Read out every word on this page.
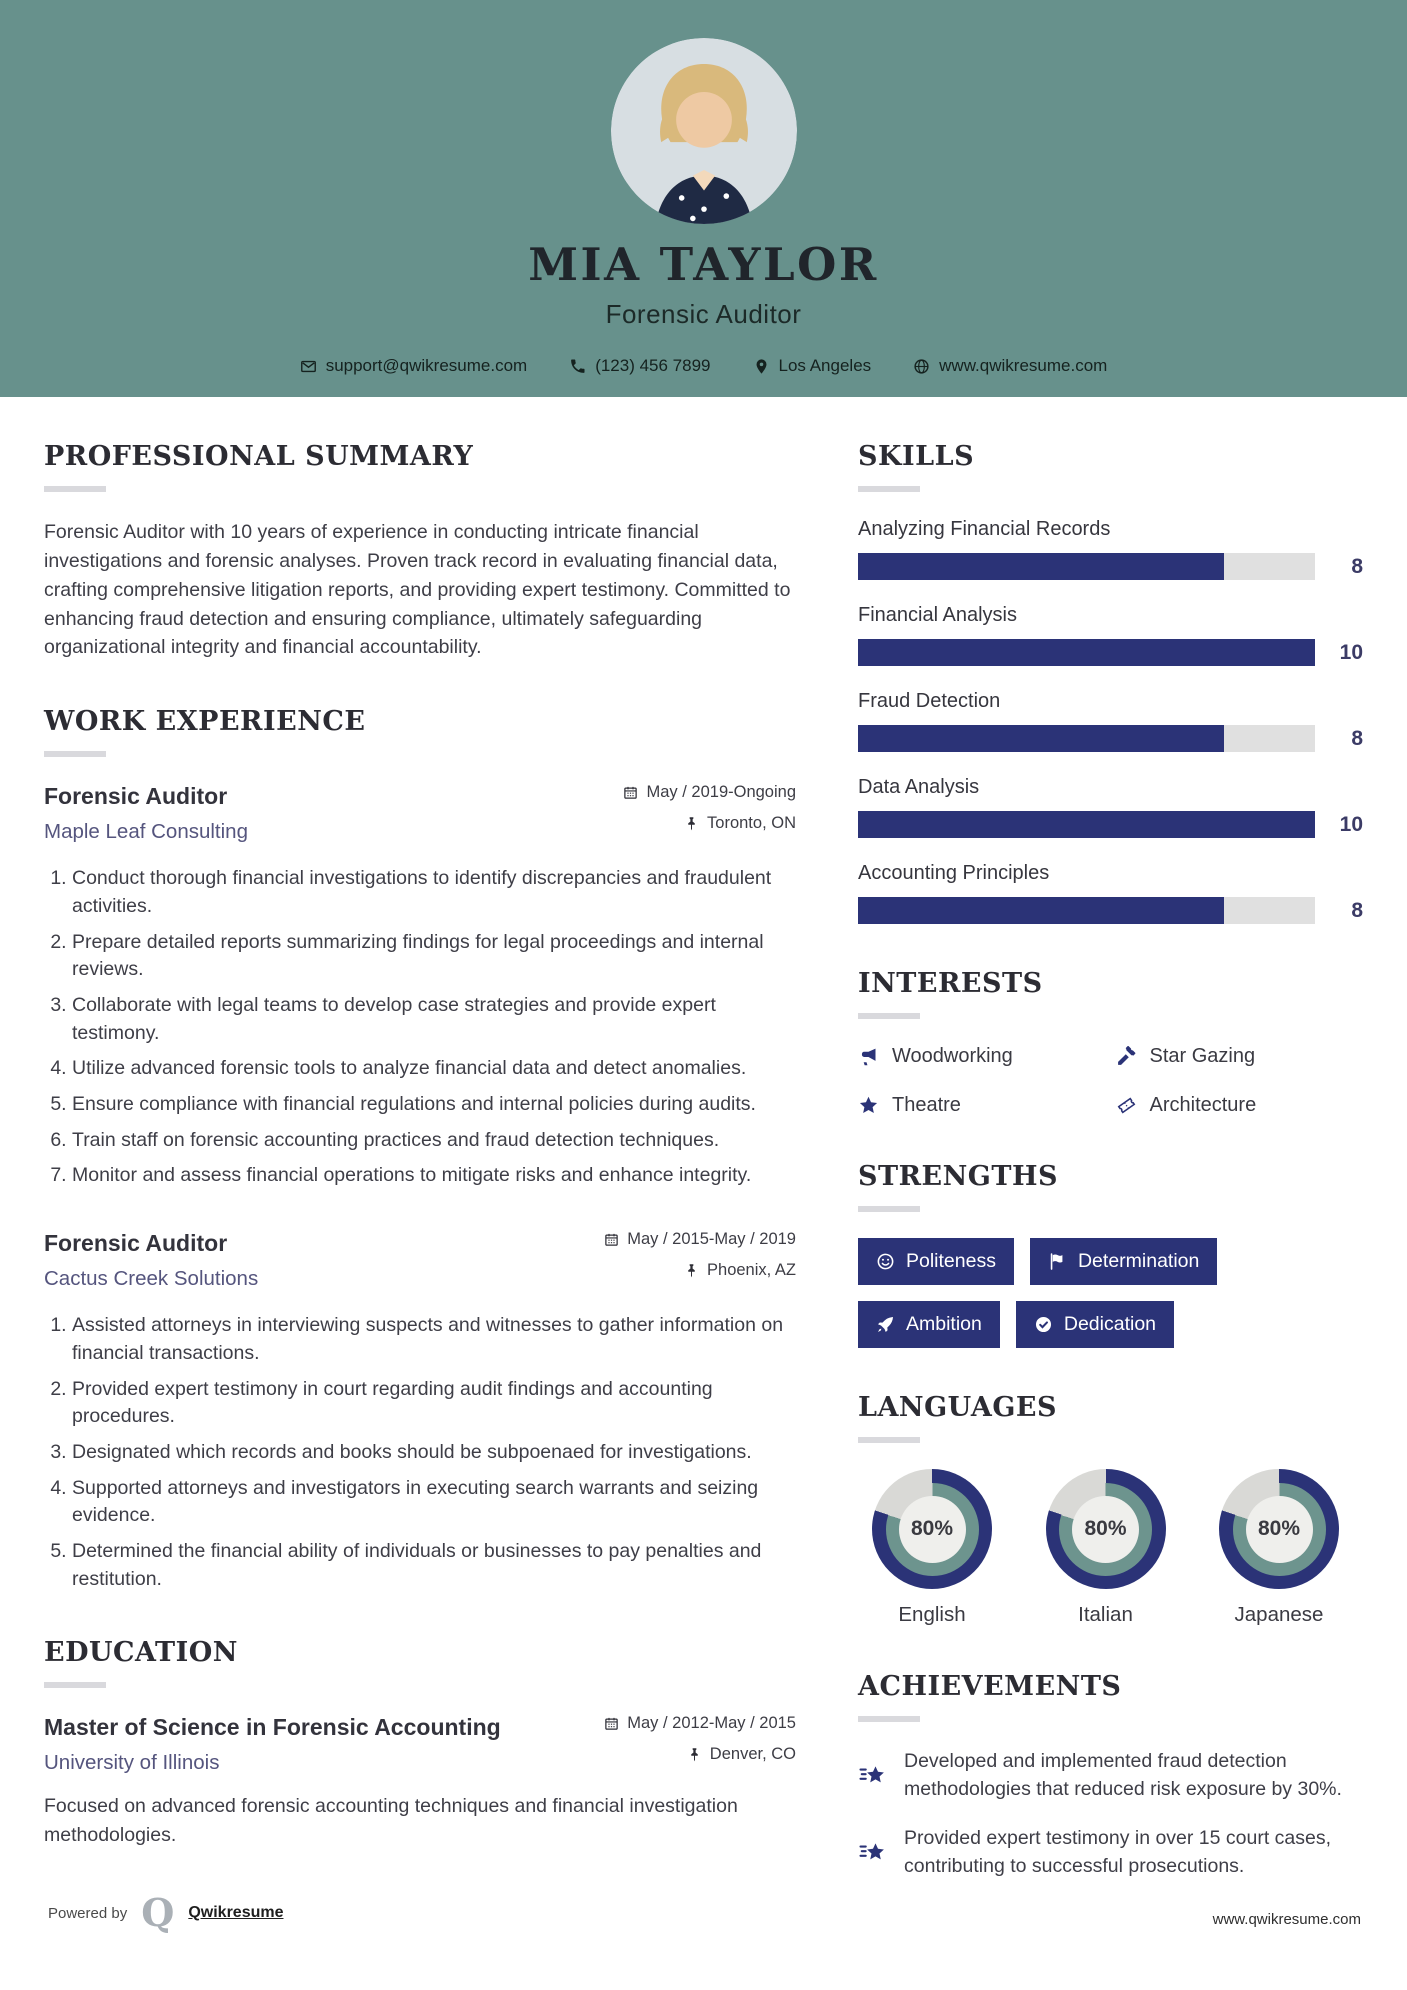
MIA TAYLOR
Forensic Auditor
support@qwikresume.com	(123) 456 7899	Los Angeles	www.qwikresume.com
PROFESSIONAL SUMMARY

Forensic Auditor with 10 years of experience in conducting intricate financial investigations and forensic analyses. Proven track record in evaluating financial data, crafting comprehensive litigation reports, and providing expert testimony. Committed to enhancing fraud detection and ensuring compliance, ultimately safeguarding organizational integrity and financial accountability.

WORK EXPERIENCE
Forensic Auditor
Maple Leaf Consulting
May / 2019-Ongoing
Toronto, ON
1. Conduct thorough financial investigations to identify discrepancies and fraudulent activities.
2. Prepare detailed reports summarizing findings for legal proceedings and internal reviews.
3. Collaborate with legal teams to develop case strategies and provide expert testimony.
4. Utilize advanced forensic tools to analyze financial data and detect anomalies.
5. Ensure compliance with financial regulations and internal policies during audits.
6. Train staff on forensic accounting practices and fraud detection techniques.
7. Monitor and assess financial operations to mitigate risks and enhance integrity.
Forensic Auditor
Cactus Creek Solutions
May / 2015-May / 2019
Phoenix, AZ
1. Assisted attorneys in interviewing suspects and witnesses to gather information on financial transactions.
2. Provided expert testimony in court regarding audit findings and accounting procedures.
3. Designated which records and books should be subpoenaed for investigations.
4. Supported attorneys and investigators in executing search warrants and seizing evidence.
5. Determined the financial ability of individuals or businesses to pay penalties and restitution.
EDUCATION
Master of Science in Forensic Accounting
University of Illinois
May / 2012-May / 2015
Denver, CO

Focused on advanced forensic accounting techniques and financial investigation methodologies.

SKILLS
Analyzing Financial Records
8
Financial Analysis
10
Fraud Detection
8
Data Analysis
10
Accounting Principles
8
INTERESTS
Woodworking	Star Gazing
Theatre	Architecture
STRENGTHS
Politeness	Determination
Ambition	Dedication
LANGUAGES
80%
English
80%
Italian
80%
Japanese
ACHIEVEMENTS
Developed and implemented fraud detection methodologies that reduced risk exposure by 30%.
Provided expert testimony in over 15 court cases, contributing to successful prosecutions.
Powered by Q Qwikresume	www.qwikresume.com
